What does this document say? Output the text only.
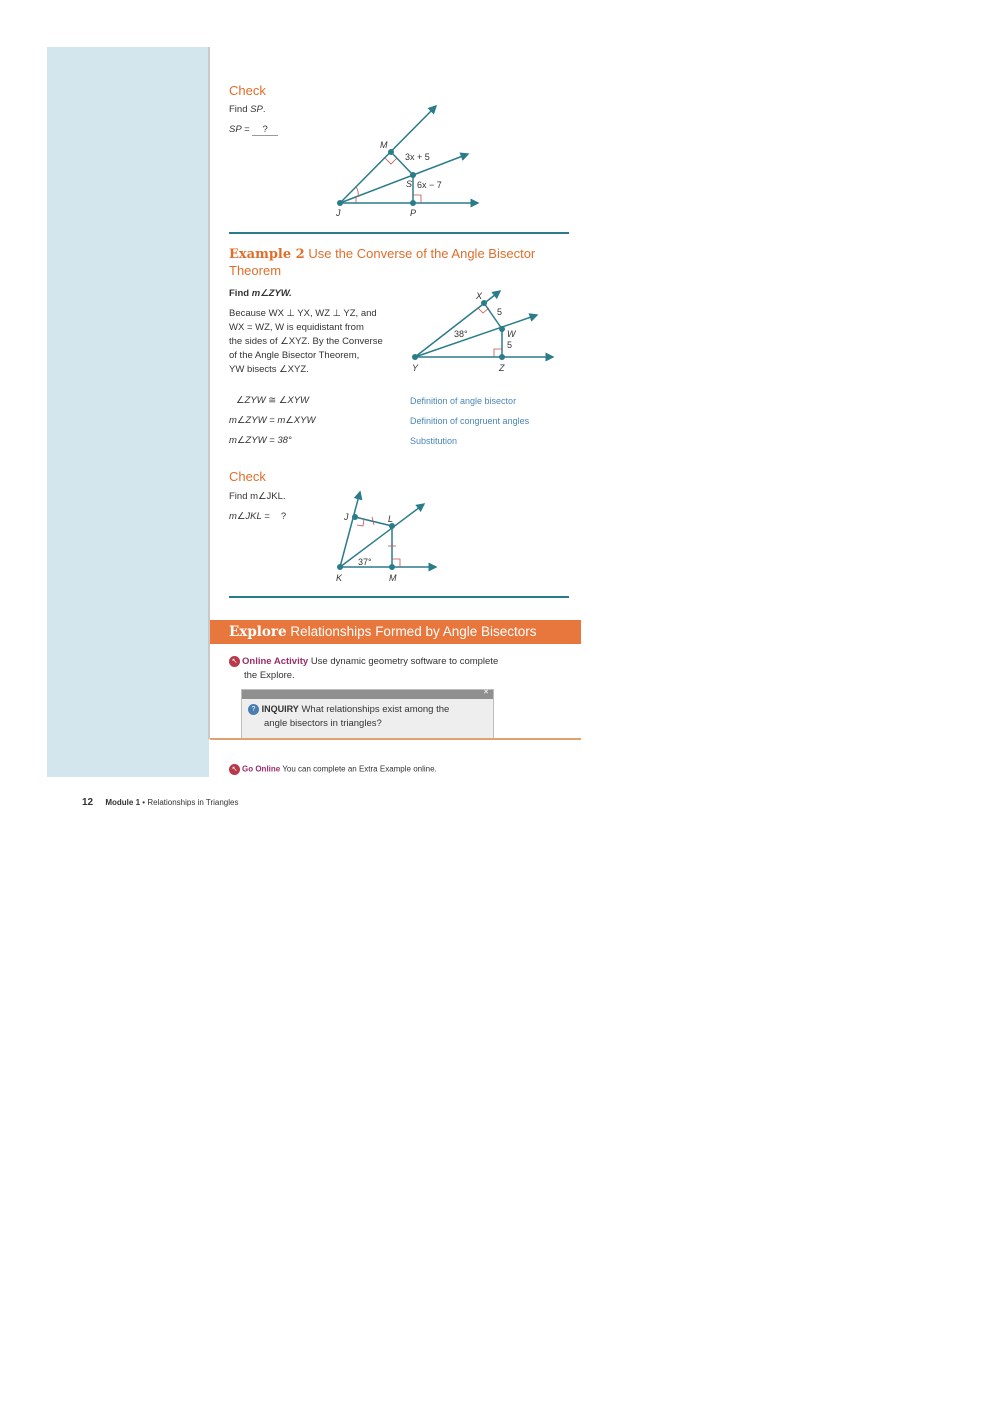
Check
Find SP.
SP = ?
M
S
J	P
3x + 5
6x − 7
Example 2 Use the Converse of the Angle Bisector Theorem
Find m∠ZYW.
Because WX ⊥ YX, WZ ⊥ YZ, and
WX = WZ, W is equidistant from
the sides of ∠XYZ. By the Converse
of the Angle Bisector Theorem,
YW bisects ∠XYZ.
X
W
Y	Z
5
5
38°
∠ZYW ≅ ∠XYW	Definition of angle bisector
m∠ZYW = m∠XYW	Definition of congruent angles
m∠ZYW = 38°	Substitution
Check
Find m∠JKL.
m∠JKL = ?	J	L
K	M
37°
Explore Relationships Formed by Angle Bisectors
↖ Online Activity Use dynamic geometry software to complete
the Explore.
✕
? INQUIRY What relationships exist among the
angle bisectors in triangles?
↖ Go Online You can complete an Extra Example online.
12 Module 1 • Relationships in Triangles
